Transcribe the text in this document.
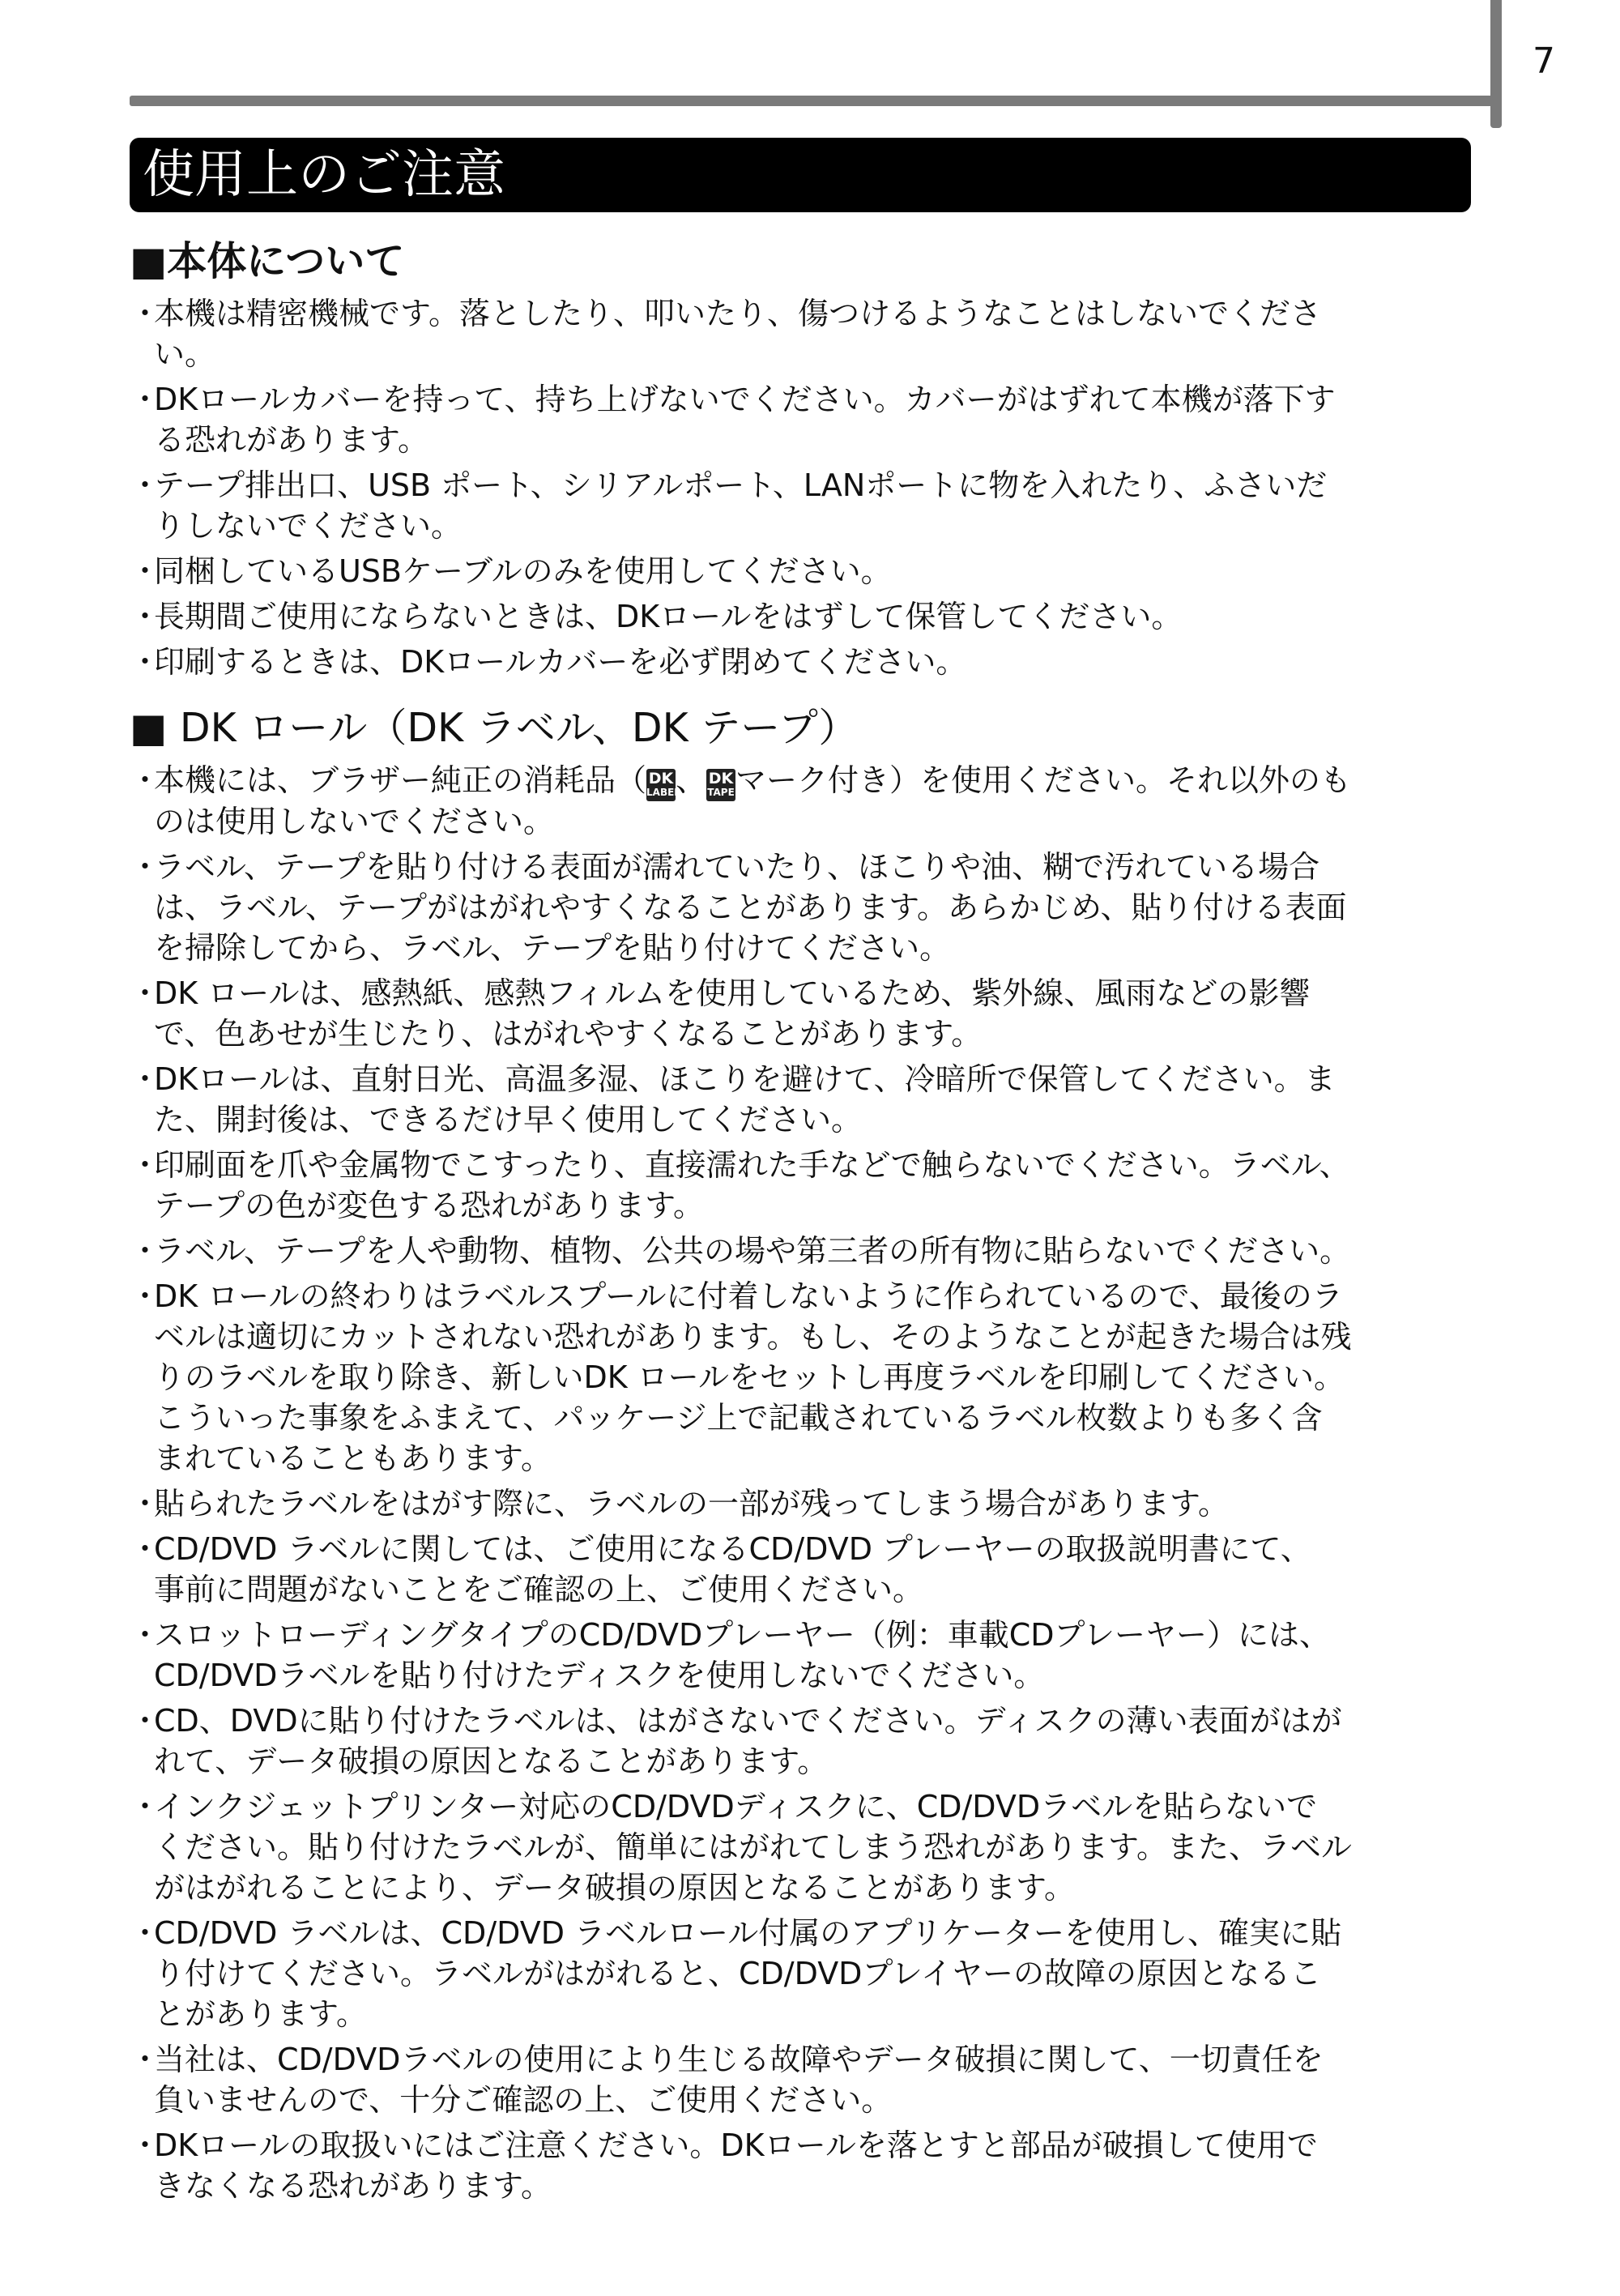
7
使用上のご注意
■本体について
・
本機は精密機械です。落としたり、叩いたり、傷つけるようなことはしないでくださ
い。
・
DKロールカバーを持って、持ち上げないでください。カバーがはずれて本機が落下す
る恐れがあります。
・
テープ排出口、USB ポート、シリアルポート、LANポートに物を入れたり、ふさいだ
りしないでください。
・
同梱しているUSBケーブルのみを使用してください。
・
長期間ご使用にならないときは、DKロールをはずして保管してください。
・
印刷するときは、DKロールカバーを必ず閉めてください。
■ DK ロール（DK ラベル、DK テープ）
・
本機には、ブラザー純正の消耗品（ DK
LABEL、 DK
TAPEマーク付き）を使用ください。それ以外のも
のは使用しないでください。
・
ラベル、テープを貼り付ける表面が濡れていたり、ほこりや油、糊で汚れている場合
は、ラベル、テープがはがれやすくなることがあります。あらかじめ、貼り付ける表面
を掃除してから、ラベル、テープを貼り付けてください。
・
DK ロールは、感熱紙、感熱フィルムを使用しているため、紫外線、風雨などの影響
で、色あせが生じたり、はがれやすくなることがあります。
・
DKロールは、直射日光、高温多湿、ほこりを避けて、冷暗所で保管してください。ま
た、開封後は、できるだけ早く使用してください。
・
印刷面を爪や金属物でこすったり、直接濡れた手などで触らないでください。ラベル、
テープの色が変色する恐れがあります。
・
ラベル、テープを人や動物、植物、公共の場や第三者の所有物に貼らないでください。
・
DK ロールの終わりはラベルスプールに付着しないように作られているので、最後のラ
ベルは適切にカットされない恐れがあります。もし、そのようなことが起きた場合は残
りのラベルを取り除き、新しいDK ロールをセットし再度ラベルを印刷してください。
こういった事象をふまえて、パッケージ上で記載されているラベル枚数よりも多く含
まれていることもあります。
・
貼られたラベルをはがす際に、ラベルの一部が残ってしまう場合があります。
・
CD/DVD ラベルに関しては、ご使用になるCD/DVD プレーヤーの取扱説明書にて、
事前に問題がないことをご確認の上、ご使用ください。
・
スロットローディングタイプのCD/DVDプレーヤー（例：車載CDプレーヤー）には、
CD/DVDラベルを貼り付けたディスクを使用しないでください。
・
CD、DVDに貼り付けたラベルは、はがさないでください。ディスクの薄い表面がはが
れて、データ破損の原因となることがあります。
・
インクジェットプリンター対応のCD/DVDディスクに、CD/DVDラベルを貼らないで
ください。貼り付けたラベルが、簡単にはがれてしまう恐れがあります。また、ラベル
がはがれることにより、データ破損の原因となることがあります。
・
CD/DVD ラベルは、CD/DVD ラベルロール付属のアプリケーターを使用し、確実に貼
り付けてください。ラベルがはがれると、CD/DVDプレイヤーの故障の原因となるこ
とがあります。
・
当社は、CD/DVDラベルの使用により生じる故障やデータ破損に関して、一切責任を
負いませんので、十分ご確認の上、ご使用ください。
・
DKロールの取扱いにはご注意ください。DKロールを落とすと部品が破損して使用で
きなくなる恐れがあります。
